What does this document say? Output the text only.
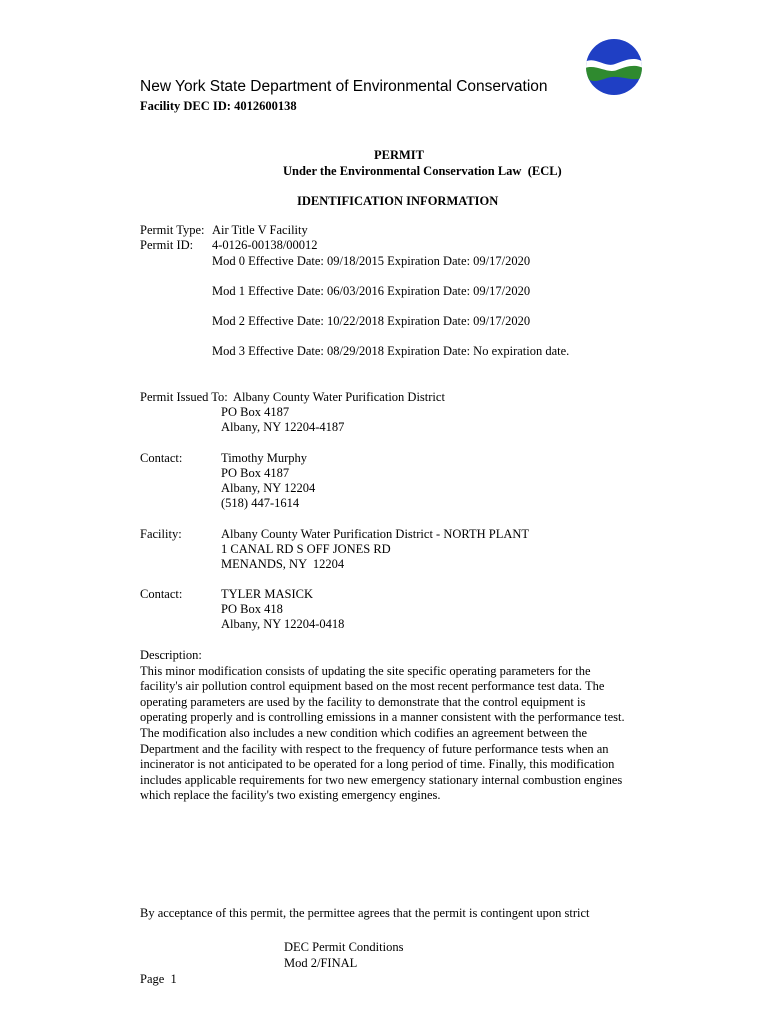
New York State Department of Environmental Conservation
Facility DEC ID: 4012600138
PERMIT
Under the Environmental Conservation Law  (ECL)
IDENTIFICATION INFORMATION
Permit Type: Air Title V Facility
Permit ID: 4-0126-00138/00012
Mod 0 Effective Date: 09/18/2015 Expiration Date: 09/17/2020
Mod 1 Effective Date: 06/03/2016 Expiration Date: 09/17/2020
Mod 2 Effective Date: 10/22/2018 Expiration Date: 09/17/2020
Mod 3 Effective Date: 08/29/2018 Expiration Date: No expiration date.
Permit Issued To: Albany County Water Purification District
PO Box 4187
Albany, NY 12204-4187
Contact:	Timothy Murphy
PO Box 4187
Albany, NY 12204
(518) 447-1614
Facility:	Albany County Water Purification District - NORTH PLANT
1 CANAL RD S OFF JONES RD
MENANDS, NY  12204
Contact:	TYLER MASICK
PO Box 418
Albany, NY 12204-0418
Description:
This minor modification consists of updating the site specific operating parameters for the
facility's air pollution control equipment based on the most recent performance test data. The
operating parameters are used by the facility to demonstrate that the control equipment is
operating properly and is controlling emissions in a manner consistent with the performance test.
The modification also includes a new condition which codifies an agreement between the
Department and the facility with respect to the frequency of future performance tests when an
incinerator is not anticipated to be operated for a long period of time. Finally, this modification
includes applicable requirements for two new emergency stationary internal combustion engines
which replace the facility's two existing emergency engines.
By acceptance of this permit, the permittee agrees that the permit is contingent upon strict
DEC Permit Conditions
Mod 2/FINAL
Page  1
